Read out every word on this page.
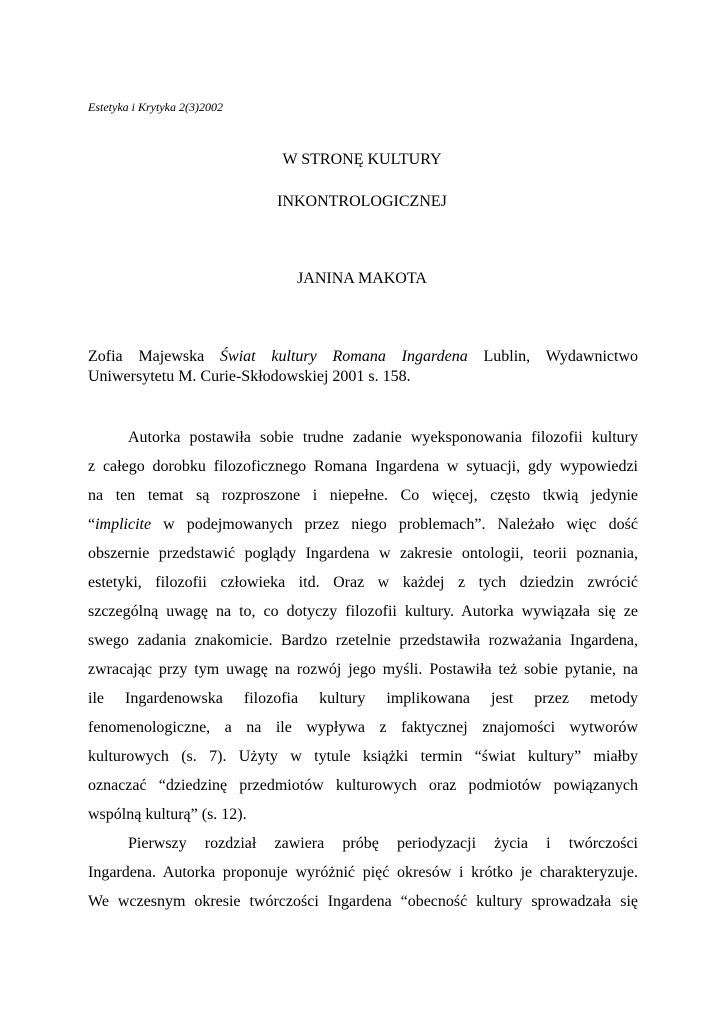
Estetyka i Krytyka 2(3)2002
W STRONĘ KULTURY
INKONTROLOGICZNEJ
JANINA MAKOTA
Zofia Majewska Świat kultury Romana Ingardena Lublin, Wydawnictwo
Uniwersytetu M. Curie-Skłodowskiej 2001 s. 158.
Autorka postawiła sobie trudne zadanie wyeksponowania filozofii kultury
z całego dorobku filozoficznego Romana Ingardena w sytuacji, gdy wypowiedzi
na ten temat są rozproszone i niepełne. Co więcej, często tkwią jedynie
“implicite w podejmowanych przez niego problemach”. Należało więc dość
obszernie przedstawić poglądy Ingardena w zakresie ontologii, teorii poznania,
estetyki, filozofii człowieka itd. Oraz w każdej z tych dziedzin zwrócić
szczególną uwagę na to, co dotyczy filozofii kultury. Autorka wywiązała się ze
swego zadania znakomicie. Bardzo rzetelnie przedstawiła rozważania Ingardena,
zwracając przy tym uwagę na rozwój jego myśli. Postawiła też sobie pytanie, na
ile Ingardenowska filozofia kultury implikowana jest przez metody
fenomenologiczne, a na ile wypływa z faktycznej znajomości wytworów
kulturowych (s. 7). Użyty w tytule książki termin “świat kultury” miałby
oznaczać “dziedzinę przedmiotów kulturowych oraz podmiotów powiązanych
wspólną kulturą” (s. 12).
Pierwszy rozdział zawiera próbę periodyzacji życia i twórczości
Ingardena. Autorka proponuje wyróżnić pięć okresów i krótko je charakteryzuje.
We wczesnym okresie twórczości Ingardena “obecność kultury sprowadzała się
